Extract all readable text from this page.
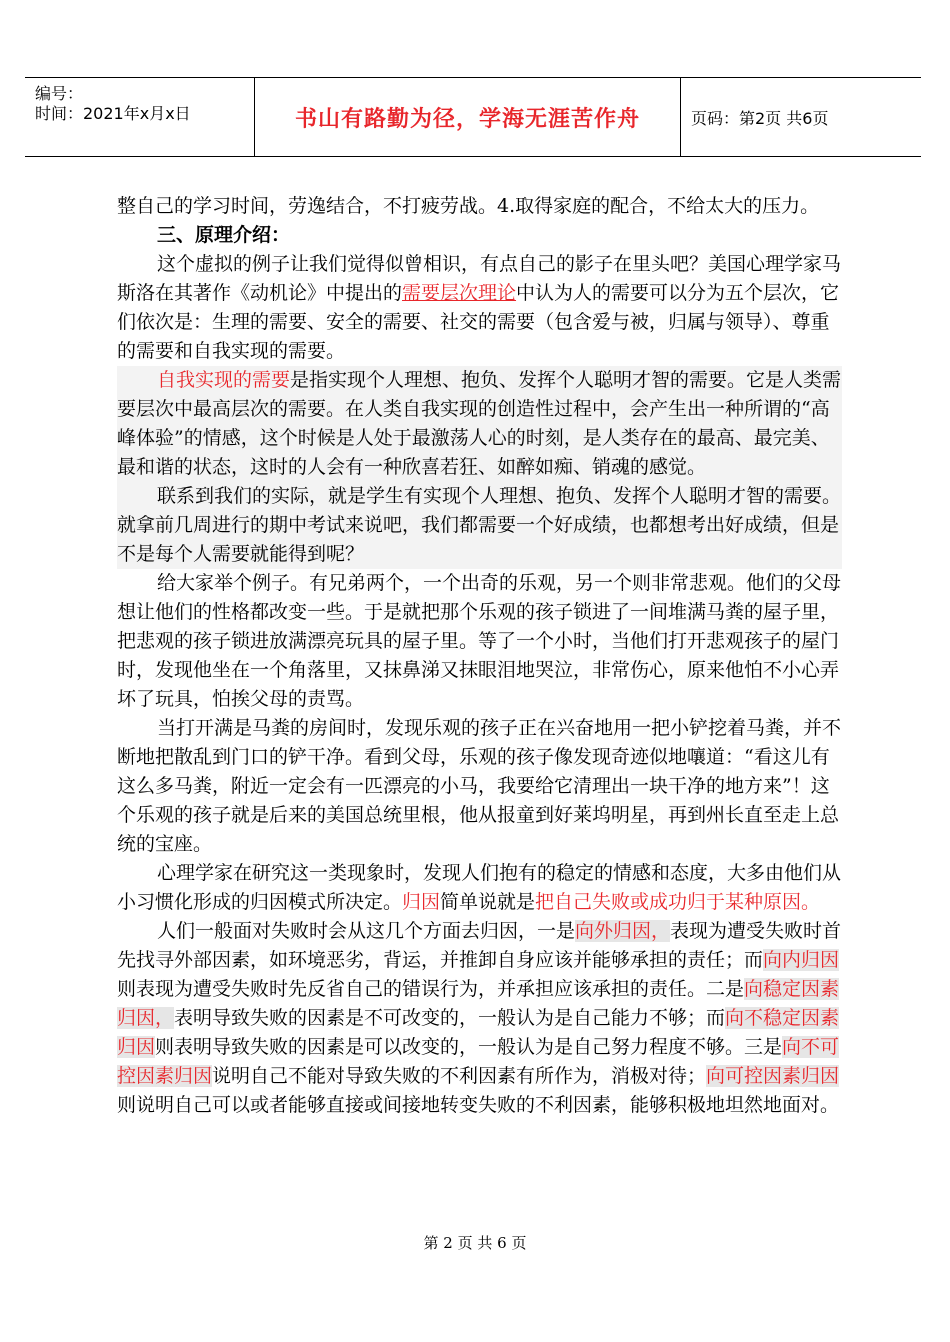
编号：
时间：2021年x月x日	书山有路勤为径，学海无涯苦作舟	页码：第2页 共6页

整自己的学习时间，劳逸结合，不打疲劳战。4.取得家庭的配合，不给太大的压力。

三、原理介绍：

这个虚拟的例子让我们觉得似曾相识，有点自己的影子在里头吧？美国心理学家马斯洛在其著作《动机论》中提出的需要层次理论中认为人的需要可以分为五个层次，它们依次是：生理的需要、安全的需要、社交的需要（包含爱与被，归属与领导）、尊重的需要和自我实现的需要。

自我实现的需要是指实现个人理想、抱负、发挥个人聪明才智的需要。它是人类需要层次中最高层次的需要。在人类自我实现的创造性过程中，会产生出一种所谓的“高峰体验”的情感，这个时候是人处于最激荡人心的时刻，是人类存在的最高、最完美、最和谐的状态，这时的人会有一种欣喜若狂、如醉如痴、销魂的感觉。

联系到我们的实际，就是学生有实现个人理想、抱负、发挥个人聪明才智的需要。就拿前几周进行的期中考试来说吧，我们都需要一个好成绩，也都想考出好成绩，但是不是每个人需要就能得到呢？

给大家举个例子。有兄弟两个，一个出奇的乐观，另一个则非常悲观。他们的父母想让他们的性格都改变一些。于是就把那个乐观的孩子锁进了一间堆满马粪的屋子里，把悲观的孩子锁进放满漂亮玩具的屋子里。等了一个小时，当他们打开悲观孩子的屋门时，发现他坐在一个角落里，又抹鼻涕又抹眼泪地哭泣，非常伤心，原来他怕不小心弄坏了玩具，怕挨父母的责骂。

当打开满是马粪的房间时，发现乐观的孩子正在兴奋地用一把小铲挖着马粪，并不断地把散乱到门口的铲干净。看到父母，乐观的孩子像发现奇迹似地嚷道：“看这儿有这么多马粪，附近一定会有一匹漂亮的小马，我要给它清理出一块干净的地方来”！这个乐观的孩子就是后来的美国总统里根，他从报童到好莱坞明星，再到州长直至走上总统的宝座。

心理学家在研究这一类现象时，发现人们抱有的稳定的情感和态度，大多由他们从小习惯化形成的归因模式所决定。归因简单说就是把自己失败或成功归于某种原因。

人们一般面对失败时会从这几个方面去归因，一是向外归因，表现为遭受失败时首先找寻外部因素，如环境恶劣，背运，并推卸自身应该并能够承担的责任；而向内归因则表现为遭受失败时先反省自己的错误行为，并承担应该承担的责任。二是向稳定因素归因，表明导致失败的因素是不可改变的，一般认为是自己能力不够；而向不稳定因素归因则表明导致失败的因素是可以改变的，一般认为是自己努力程度不够。三是向不可控因素归因说明自己不能对导致失败的不利因素有所作为，消极对待；向可控因素归因则说明自己可以或者能够直接或间接地转变失败的不利因素，能够积极地坦然地面对。

第 2 页 共 6 页
